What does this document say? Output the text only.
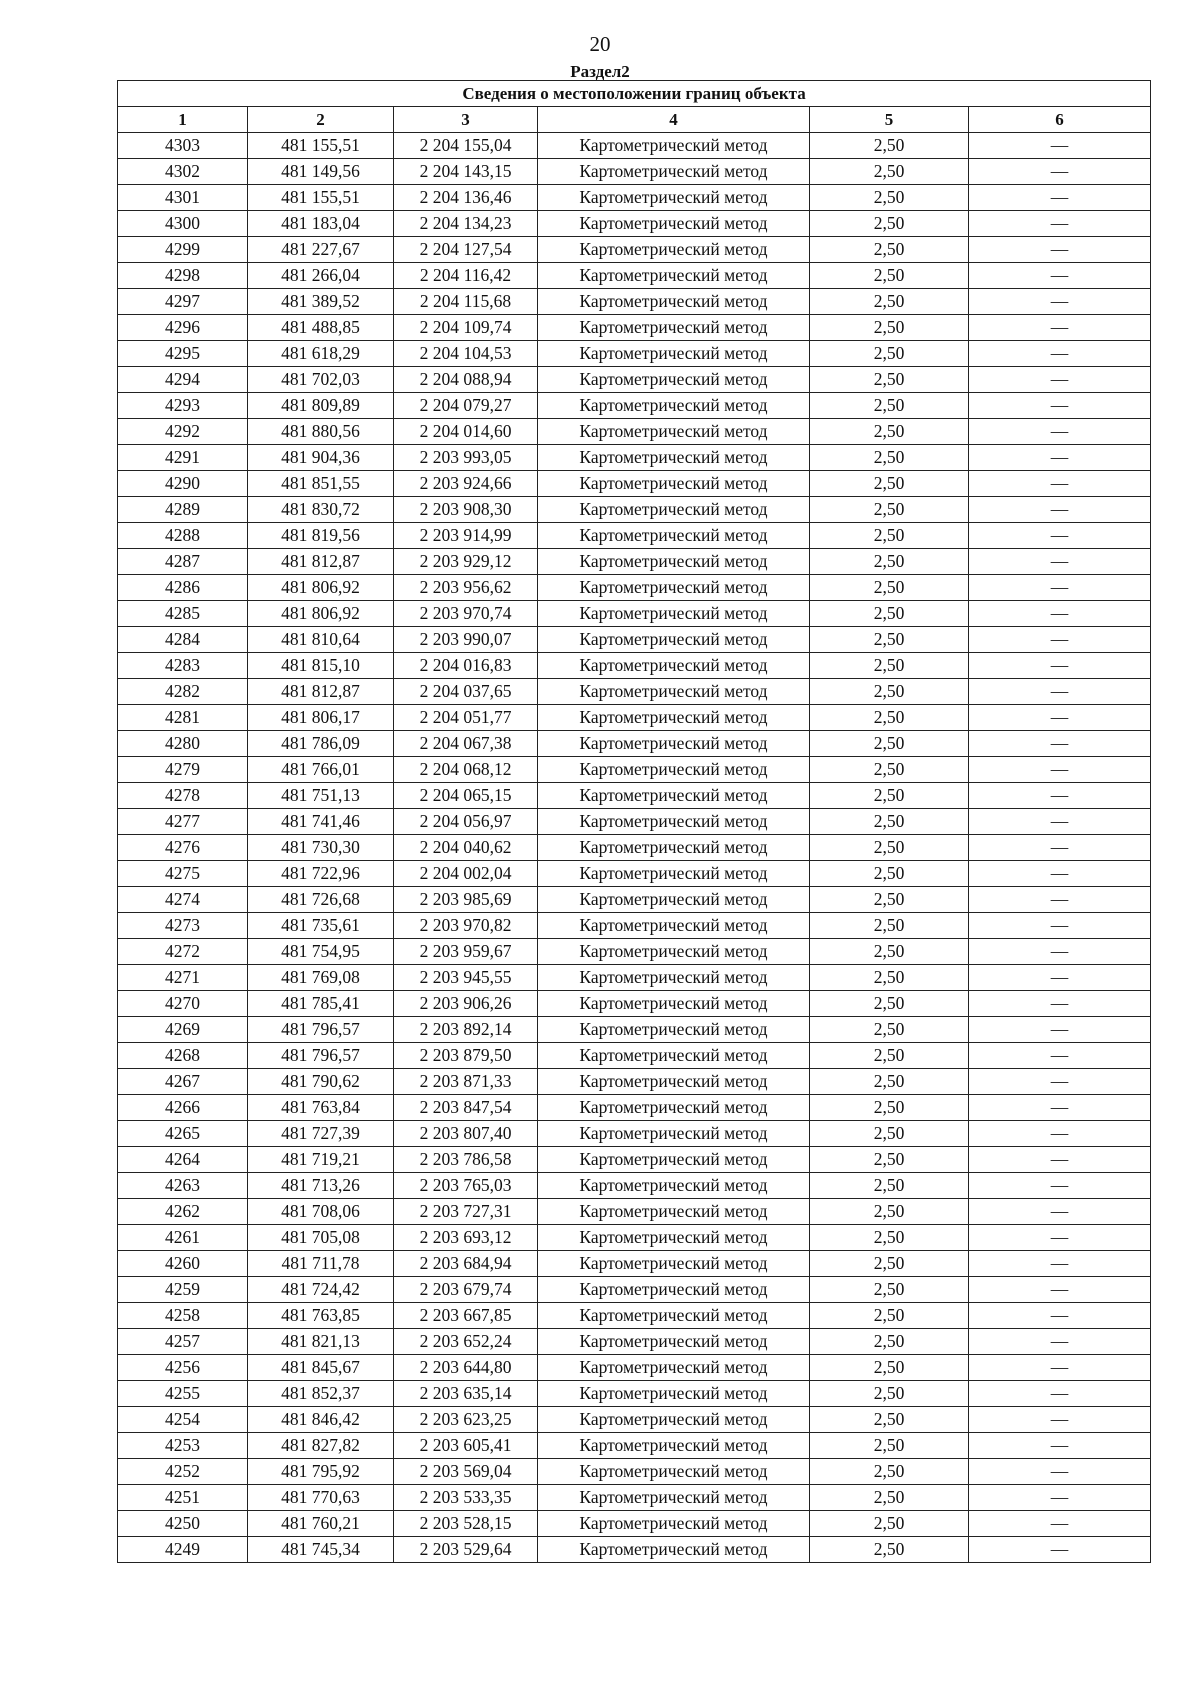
20
Раздел2
Сведения о местоположении границ объекта					
1	2	3	4	5	6
4303	481 155,51	2 204 155,04	Картометрический метод	2,50	—
4302	481 149,56	2 204 143,15	Картометрический метод	2,50	—
4301	481 155,51	2 204 136,46	Картометрический метод	2,50	—
4300	481 183,04	2 204 134,23	Картометрический метод	2,50	—
4299	481 227,67	2 204 127,54	Картометрический метод	2,50	—
4298	481 266,04	2 204 116,42	Картометрический метод	2,50	—
4297	481 389,52	2 204 115,68	Картометрический метод	2,50	—
4296	481 488,85	2 204 109,74	Картометрический метод	2,50	—
4295	481 618,29	2 204 104,53	Картометрический метод	2,50	—
4294	481 702,03	2 204 088,94	Картометрический метод	2,50	—
4293	481 809,89	2 204 079,27	Картометрический метод	2,50	—
4292	481 880,56	2 204 014,60	Картометрический метод	2,50	—
4291	481 904,36	2 203 993,05	Картометрический метод	2,50	—
4290	481 851,55	2 203 924,66	Картометрический метод	2,50	—
4289	481 830,72	2 203 908,30	Картометрический метод	2,50	—
4288	481 819,56	2 203 914,99	Картометрический метод	2,50	—
4287	481 812,87	2 203 929,12	Картометрический метод	2,50	—
4286	481 806,92	2 203 956,62	Картометрический метод	2,50	—
4285	481 806,92	2 203 970,74	Картометрический метод	2,50	—
4284	481 810,64	2 203 990,07	Картометрический метод	2,50	—
4283	481 815,10	2 204 016,83	Картометрический метод	2,50	—
4282	481 812,87	2 204 037,65	Картометрический метод	2,50	—
4281	481 806,17	2 204 051,77	Картометрический метод	2,50	—
4280	481 786,09	2 204 067,38	Картометрический метод	2,50	—
4279	481 766,01	2 204 068,12	Картометрический метод	2,50	—
4278	481 751,13	2 204 065,15	Картометрический метод	2,50	—
4277	481 741,46	2 204 056,97	Картометрический метод	2,50	—
4276	481 730,30	2 204 040,62	Картометрический метод	2,50	—
4275	481 722,96	2 204 002,04	Картометрический метод	2,50	—
4274	481 726,68	2 203 985,69	Картометрический метод	2,50	—
4273	481 735,61	2 203 970,82	Картометрический метод	2,50	—
4272	481 754,95	2 203 959,67	Картометрический метод	2,50	—
4271	481 769,08	2 203 945,55	Картометрический метод	2,50	—
4270	481 785,41	2 203 906,26	Картометрический метод	2,50	—
4269	481 796,57	2 203 892,14	Картометрический метод	2,50	—
4268	481 796,57	2 203 879,50	Картометрический метод	2,50	—
4267	481 790,62	2 203 871,33	Картометрический метод	2,50	—
4266	481 763,84	2 203 847,54	Картометрический метод	2,50	—
4265	481 727,39	2 203 807,40	Картометрический метод	2,50	—
4264	481 719,21	2 203 786,58	Картометрический метод	2,50	—
4263	481 713,26	2 203 765,03	Картометрический метод	2,50	—
4262	481 708,06	2 203 727,31	Картометрический метод	2,50	—
4261	481 705,08	2 203 693,12	Картометрический метод	2,50	—
4260	481 711,78	2 203 684,94	Картометрический метод	2,50	—
4259	481 724,42	2 203 679,74	Картометрический метод	2,50	—
4258	481 763,85	2 203 667,85	Картометрический метод	2,50	—
4257	481 821,13	2 203 652,24	Картометрический метод	2,50	—
4256	481 845,67	2 203 644,80	Картометрический метод	2,50	—
4255	481 852,37	2 203 635,14	Картометрический метод	2,50	—
4254	481 846,42	2 203 623,25	Картометрический метод	2,50	—
4253	481 827,82	2 203 605,41	Картометрический метод	2,50	—
4252	481 795,92	2 203 569,04	Картометрический метод	2,50	—
4251	481 770,63	2 203 533,35	Картометрический метод	2,50	—
4250	481 760,21	2 203 528,15	Картометрический метод	2,50	—
4249	481 745,34	2 203 529,64	Картометрический метод	2,50	—
